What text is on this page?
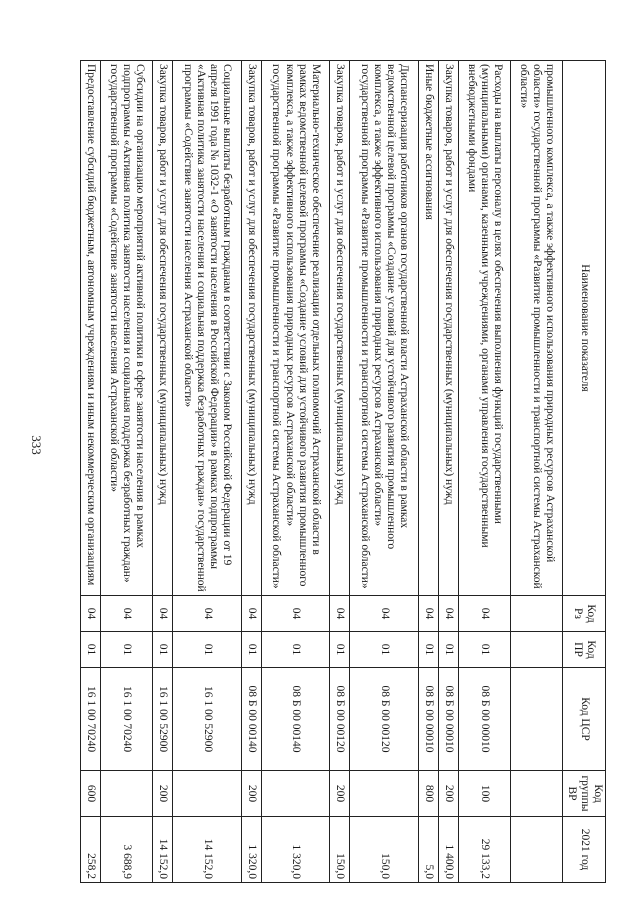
333
Наименование показателя	Код Рз	Код ПР	Код ЦСР	Код группы ВР	2021 год
промышленного комплекса, а также эффективного использования природных ресурсов Астраханской области» государственной программы «Развитие промышленности и транспортной системы Астраханской области»					
Расходы на выплаты персоналу в целях обеспечения выполнения функций государственными (муниципальными) органами, казенными учреждениями, органами управления государственными внебюджетными фондами	04	01	08 Б 00 00010	100	29 133,2
Закупка товаров, работ и услуг для обеспечения государственных (муниципальных) нужд	04	01	08 Б 00 00010	200	1 400,0
Иные бюджетные ассигнования	04	01	08 Б 00 00010	800	5,0
Диспансеризация работников органов государственной власти Астраханской области в рамках ведомственной целевой программы «Создание условий для устойчивого развития промышленного комплекса, а также эффективного использования природных ресурсов Астраханской области» государственной программы «Развитие промышленности и транспортной системы Астраханской области»	04	01	08 Б 00 00120		150,0
Закупка товаров, работ и услуг для обеспечения государственных (муниципальных) нужд	04	01	08 Б 00 00120	200	150,0
Материально-техническое обеспечение реализации отдельных полномочий Астраханской области в рамках ведомственной целевой программы «Создание условий для устойчивого развития промышленного комплекса, а также эффективного использования природных ресурсов Астраханской области» государственной программы «Развитие промышленности и транспортной системы Астраханской области»	04	01	08 Б 00 00140		1 320,0
Закупка товаров, работ и услуг для обеспечения государственных (муниципальных) нужд	04	01	08 Б 00 00140	200	1 320,0
Социальные выплаты безработным гражданам в соответствии с Законом Российской Федерации от 19 апреля 1991 года № 1032-1 «О занятости населения в Российской Федерации» в рамках подпрограммы «Активная политика занятости населения и социальная поддержка безработных граждан» государственной программы «Содействие занятости населения Астраханской области»	04	01	16 1 00 52900		14 152,0
Закупка товаров, работ и услуг для обеспечения государственных (муниципальных) нужд	04	01	16 1 00 52900	200	14 152,0
Субсидии на организацию мероприятий активной политики в сфере занятости населения в рамках подпрограммы «Активная политика занятости населения и социальная поддержка безработных граждан» государственной программы «Содействие занятости населения Астраханской области»	04	01	16 1 00 70240		3 688,9
Предоставление субсидий бюджетным, автономным учреждениям и иным некоммерческим организациям	04	01	16 1 00 70240	600	258,2
